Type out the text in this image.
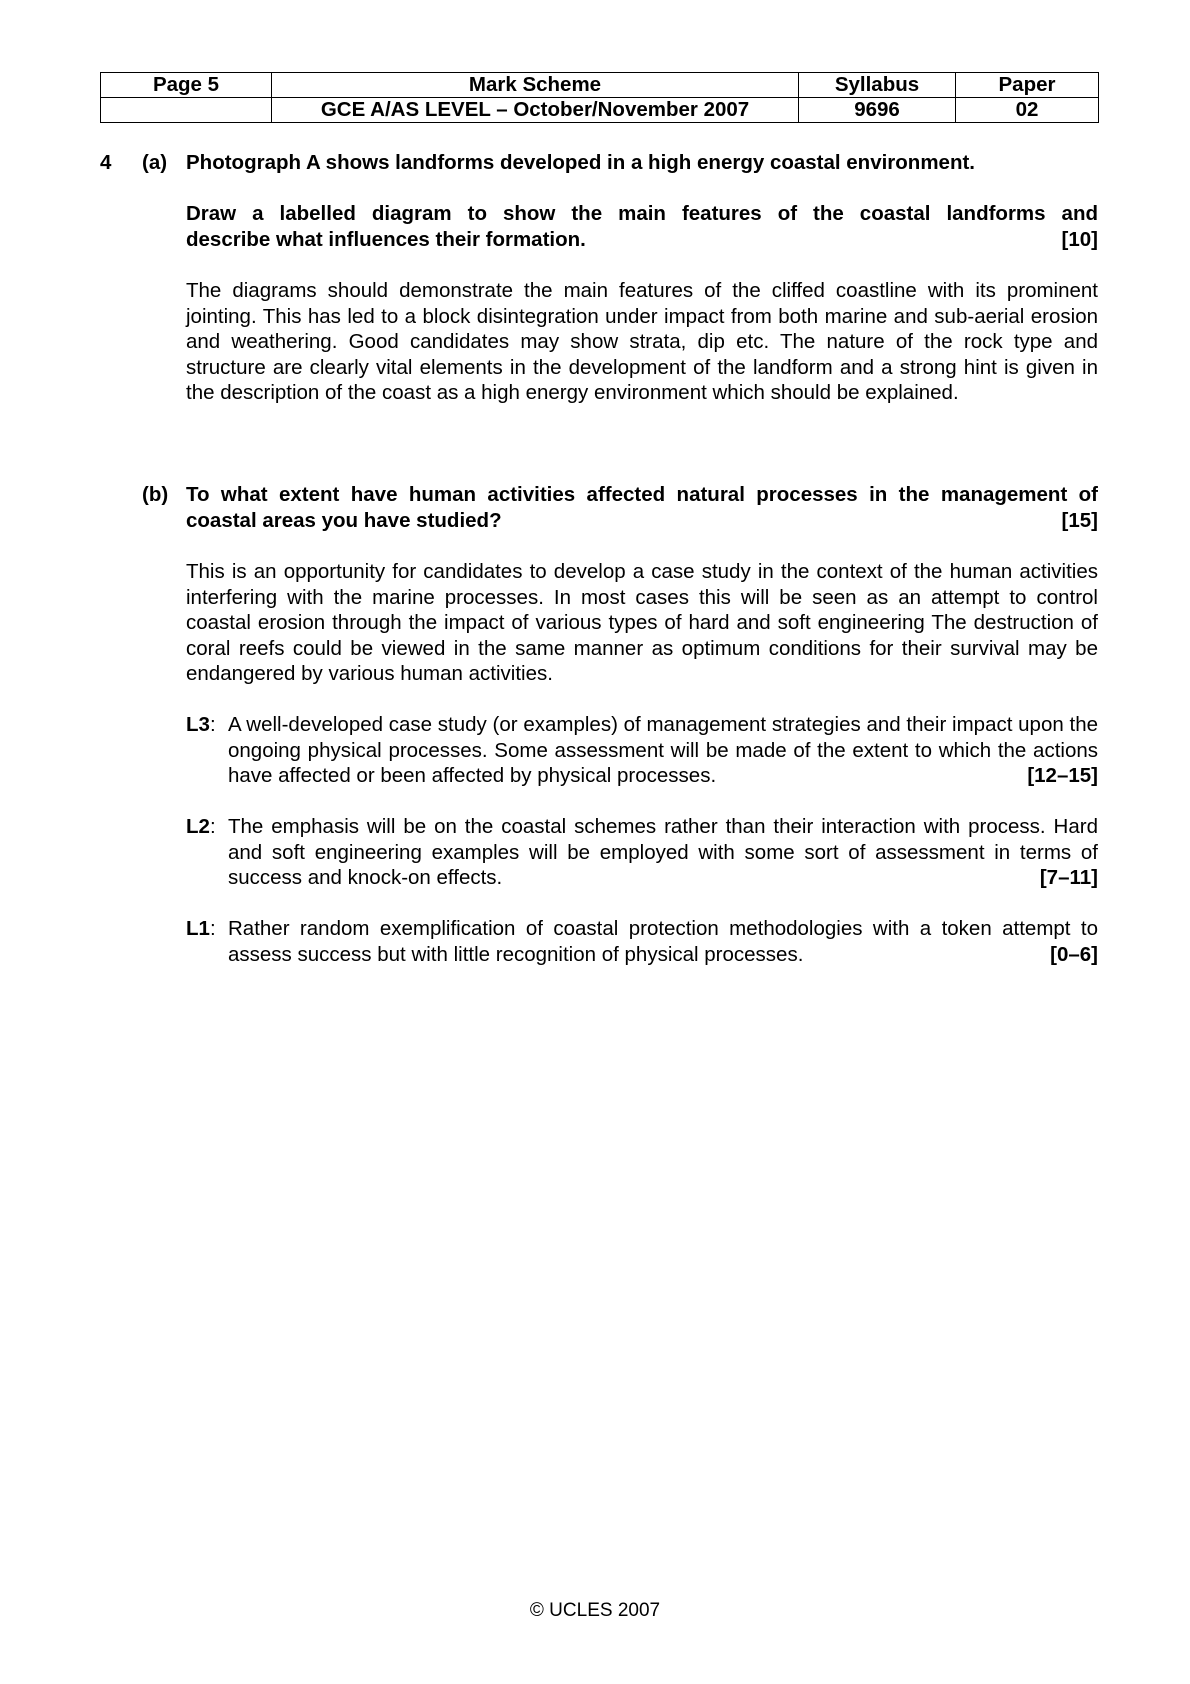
Page 5	Mark Scheme	Syllabus	Paper
	GCE A/AS LEVEL – October/November 2007	9696	02
4 (a) Photograph A shows landforms developed in a high energy coastal environment.

Draw a labelled diagram to show the main features of the coastal landforms and

describe what influences their formation.	[10]

The diagrams should demonstrate the main features of the cliffed coastline with its prominent jointing. This has led to a block disintegration under impact from both marine and sub-aerial erosion and weathering. Good candidates may show strata, dip etc. The nature of the rock type and structure are clearly vital elements in the development of the landform and a strong hint is given in the description of the coast as a high energy environment which should be explained.

(b) To what extent have human activities affected natural processes in the management of

coastal areas you have studied?	[15]

This is an opportunity for candidates to develop a case study in the context of the human activities interfering with the marine processes. In most cases this will be seen as an attempt to control coastal erosion through the impact of various types of hard and soft engineering The destruction of coral reefs could be viewed in the same manner as optimum conditions for their survival may be endangered by various human activities.

L3: A well-developed case study (or examples) of management strategies and their impact upon the ongoing physical processes. Some assessment will be made of the extent to which the actions have affected or been affected by physical processes.	[12–15]
L2: The emphasis will be on the coastal schemes rather than their interaction with process. Hard and soft engineering examples will be employed with some sort of assessment in terms of success and knock-on effects.	[7–11]
L1: Rather random exemplification of coastal protection methodologies with a token attempt to assess success but with little recognition of physical processes.	[0–6]
© UCLES 2007
